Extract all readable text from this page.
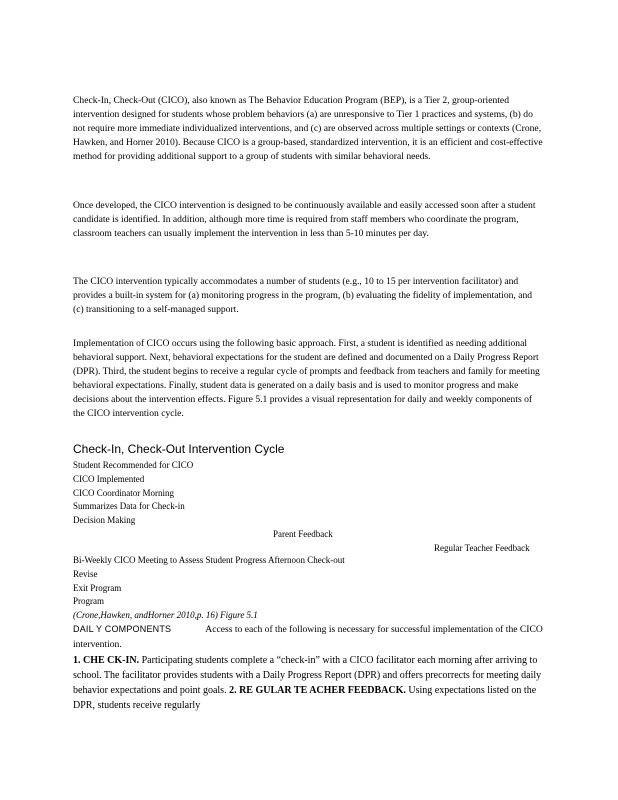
Check-In, Check-Out (CICO), also known as The Behavior Education Program (BEP), is a Tier 2, group-oriented intervention designed for students whose problem behaviors (a) are unresponsive to Tier 1 practices and systems, (b) do not require more immediate individualized interventions, and (c) are observed across multiple settings or contexts (Crone, Hawken, and Horner 2010). Because CICO is a group-based, standardized intervention, it is an efficient and cost-effective method for providing additional support to a group of students with similar behavioral needs.

Once developed, the CICO intervention is designed to be continuously available and easily accessed soon after a student candidate is identified. In addition, although more time is required from staff members who coordinate the program, classroom teachers can usually implement the intervention in less than 5-10 minutes per day.

The CICO intervention typically accommodates a number of students (e.g., 10 to 15 per intervention facilitator) and provides a built-in system for (a) monitoring progress in the program, (b) evaluating the fidelity of implementation, and (c) transitioning to a self-managed support.

Implementation of CICO occurs using the following basic approach. First, a student is identified as needing additional behavioral support. Next, behavioral expectations for the student are defined and documented on a Daily Progress Report (DPR). Third, the student begins to receive a regular cycle of prompts and feedback from teachers and family for meeting behavioral expectations. Finally, student data is generated on a daily basis and is used to monitor progress and make decisions about the intervention effects. Figure 5.1 provides a visual representation for daily and weekly components of the CICO intervention cycle.

Check-In, Check-Out Intervention Cycle
Student Recommended for CICO
CICO Implemented
CICO Coordinator Morning
Summarizes Data for Check-in
Decision Making
Parent Feedback
Regular Teacher Feedback
Bi-Weekly CICO Meeting to Assess Student Progress Afternoon Check-out
Revise
Exit Program
Program
(Crone,Hawken, andHorner 2010,p. 16) Figure 5.1

DAIL Y COMPONENTS	Access to each of the following is necessary for successful implementation of the CICO intervention.

1. CHE CK-IN. Participating students complete a “check-in” with a CICO facilitator each morning after arriving to school. The facilitator provides students with a Daily Progress Report (DPR) and offers precorrects for meeting daily behavior expectations and point goals. 2. RE GULAR TE ACHER FEEDBACK. Using expectations listed on the DPR, students receive regularly
